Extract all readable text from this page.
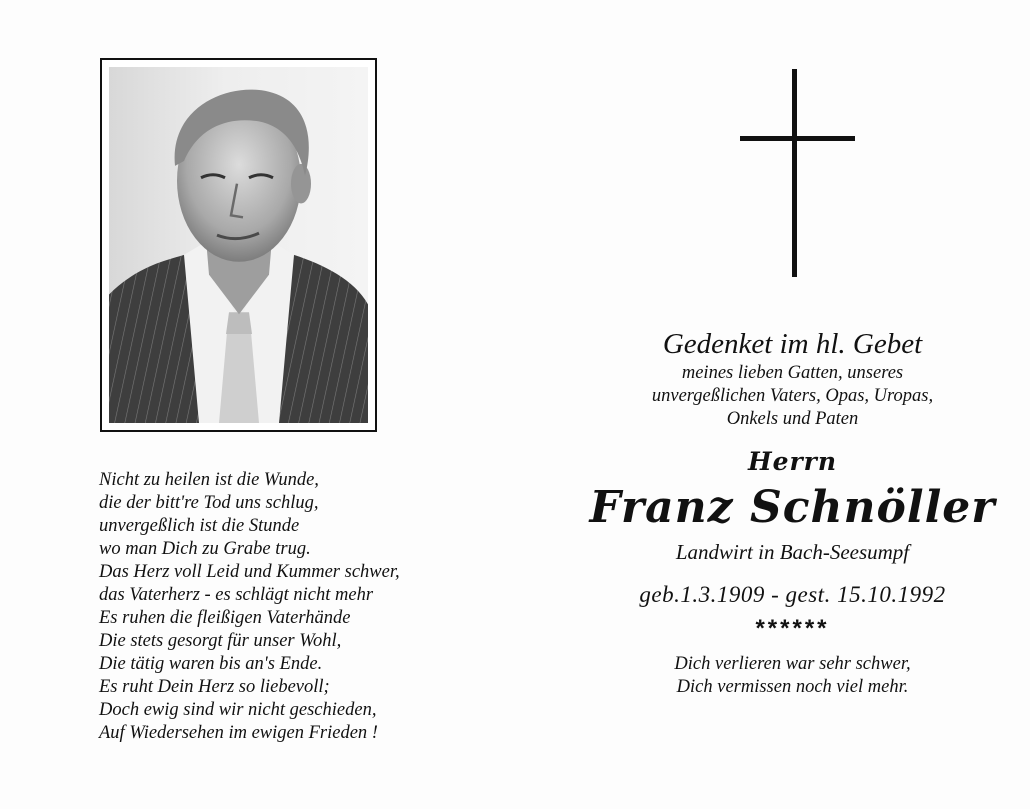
Nicht zu heilen ist die Wunde,
die der bitt're Tod uns schlug,
unvergeßlich ist die Stunde
wo man Dich zu Grabe trug.
Das Herz voll Leid und Kummer schwer,
das Vaterherz - es schlägt nicht mehr
Es ruhen die fleißigen Vaterhände
Die stets gesorgt für unser Wohl,
Die tätig waren bis an's Ende.
Es ruht Dein Herz so liebevoll;
Doch ewig sind wir nicht geschieden,
Auf Wiedersehen im ewigen Frieden !
Gedenket im hl. Gebet
meines lieben Gatten, unseres
unvergeßlichen Vaters, Opas, Uropas,
Onkels und Paten
Herrn
Franz Schnöller
Landwirt in Bach-Seesumpf
geb.1.3.1909 - gest. 15.10.1992
******
Dich verlieren war sehr schwer,
Dich vermissen noch viel mehr.
